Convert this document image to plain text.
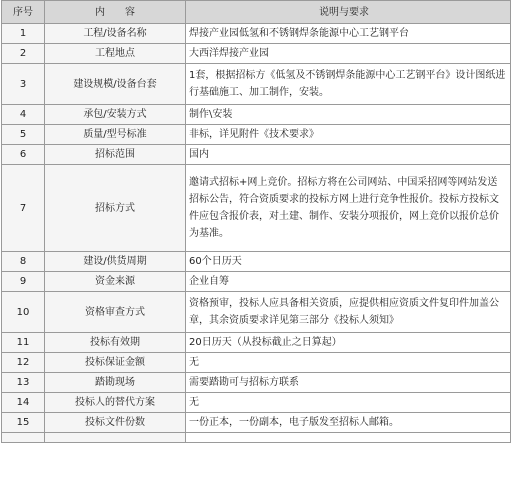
序号	内　　容	说明与要求
1	工程/设备名称	焊接产业园低氢和不锈钢焊条能源中心工艺钢平台
2	工程地点	大西洋焊接产业园
3	建设规模/设备台套	1套，根据招标方《低氢及不锈钢焊条能源中心工艺钢平台》设计图纸进行基础施工、加工制作，安装。
4	承包/安装方式	制作\安装
5	质量/型号标准	非标，详见附件《技术要求》
6	招标范围	国内
7	招标方式	邀请式招标+网上竞价。招标方将在公司网站、中国采招网等网站发送招标公告，符合资质要求的投标方网上进行竞争性报价。投标方投标文件应包含报价表，对土建、制作、安装分项报价，网上竞价以报价总价为基准。
8	建设/供货周期	60个日历天
9	资金来源	企业自筹
10	资格审查方式	资格预审，投标人应具备相关资质，应提供相应资质文件复印件加盖公章，其余资质要求详见第三部分《投标人须知》
11	投标有效期	20日历天（从投标截止之日算起）
12	投标保证金额	无
13	踏勘现场	需要踏勘可与招标方联系
14	投标人的替代方案	无
15	投标文件份数	一份正本，一份副本，电子版发至招标人邮箱。
